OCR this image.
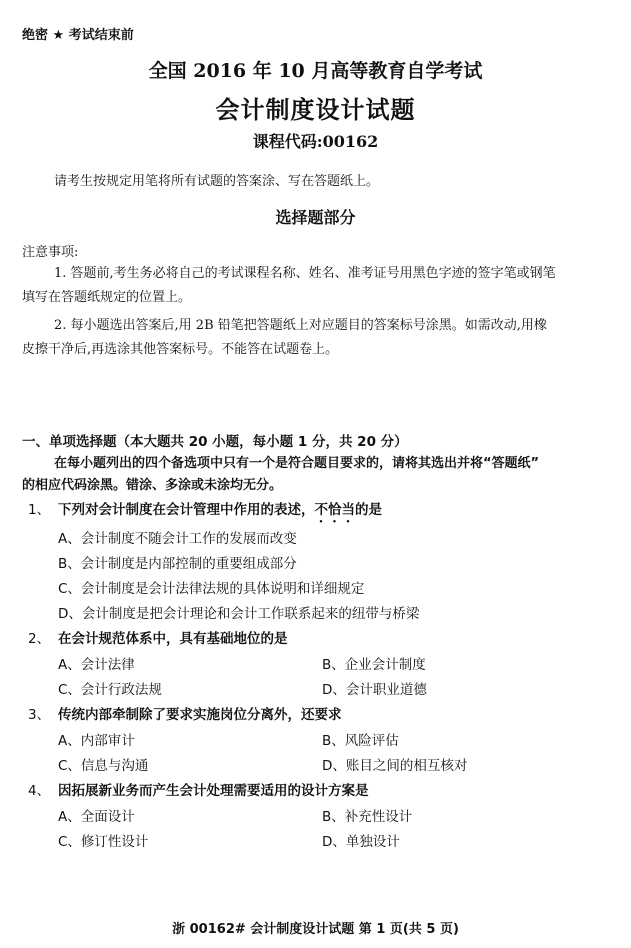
绝密 ★ 考试结束前
全国 2016 年 10 月高等教育自学考试
会计制度设计试题
课程代码:00162
请考生按规定用笔将所有试题的答案涂、写在答题纸上。
选择题部分
注意事项:
1. 答题前,考生务必将自己的考试课程名称、姓名、准考证号用黑色字迹的签字笔或钢笔
填写在答题纸规定的位置上。
2. 每小题选出答案后,用 2B 铅笔把答题纸上对应题目的答案标号涂黑。如需改动,用橡
皮擦干净后,再选涂其他答案标号。不能答在试题卷上。
一、单项选择题（本大题共 20 小题，每小题 1 分，共 20 分）
在每小题列出的四个备选项中只有一个是符合题目要求的，请将其选出并将“答题纸”
的相应代码涂黑。错涂、多涂或未涂均无分。
1、 下列对会计制度在会计管理中作用的表述，不恰当的是
A、会计制度不随会计工作的发展而改变
B、会计制度是内部控制的重要组成部分
C、会计制度是会计法律法规的具体说明和详细规定
D、会计制度是把会计理论和会计工作联系起来的纽带与桥梁
2、 在会计规范体系中，具有基础地位的是
A、会计法律	B、企业会计制度
C、会计行政法规	D、会计职业道德
3、 传统内部牵制除了要求实施岗位分离外，还要求
A、内部审计	B、风险评估
C、信息与沟通	D、账目之间的相互核对
4、 因拓展新业务而产生会计处理需要适用的设计方案是
A、全面设计	B、补充性设计
C、修订性设计	D、单独设计
浙 00162# 会计制度设计试题 第 1 页(共 5 页)
